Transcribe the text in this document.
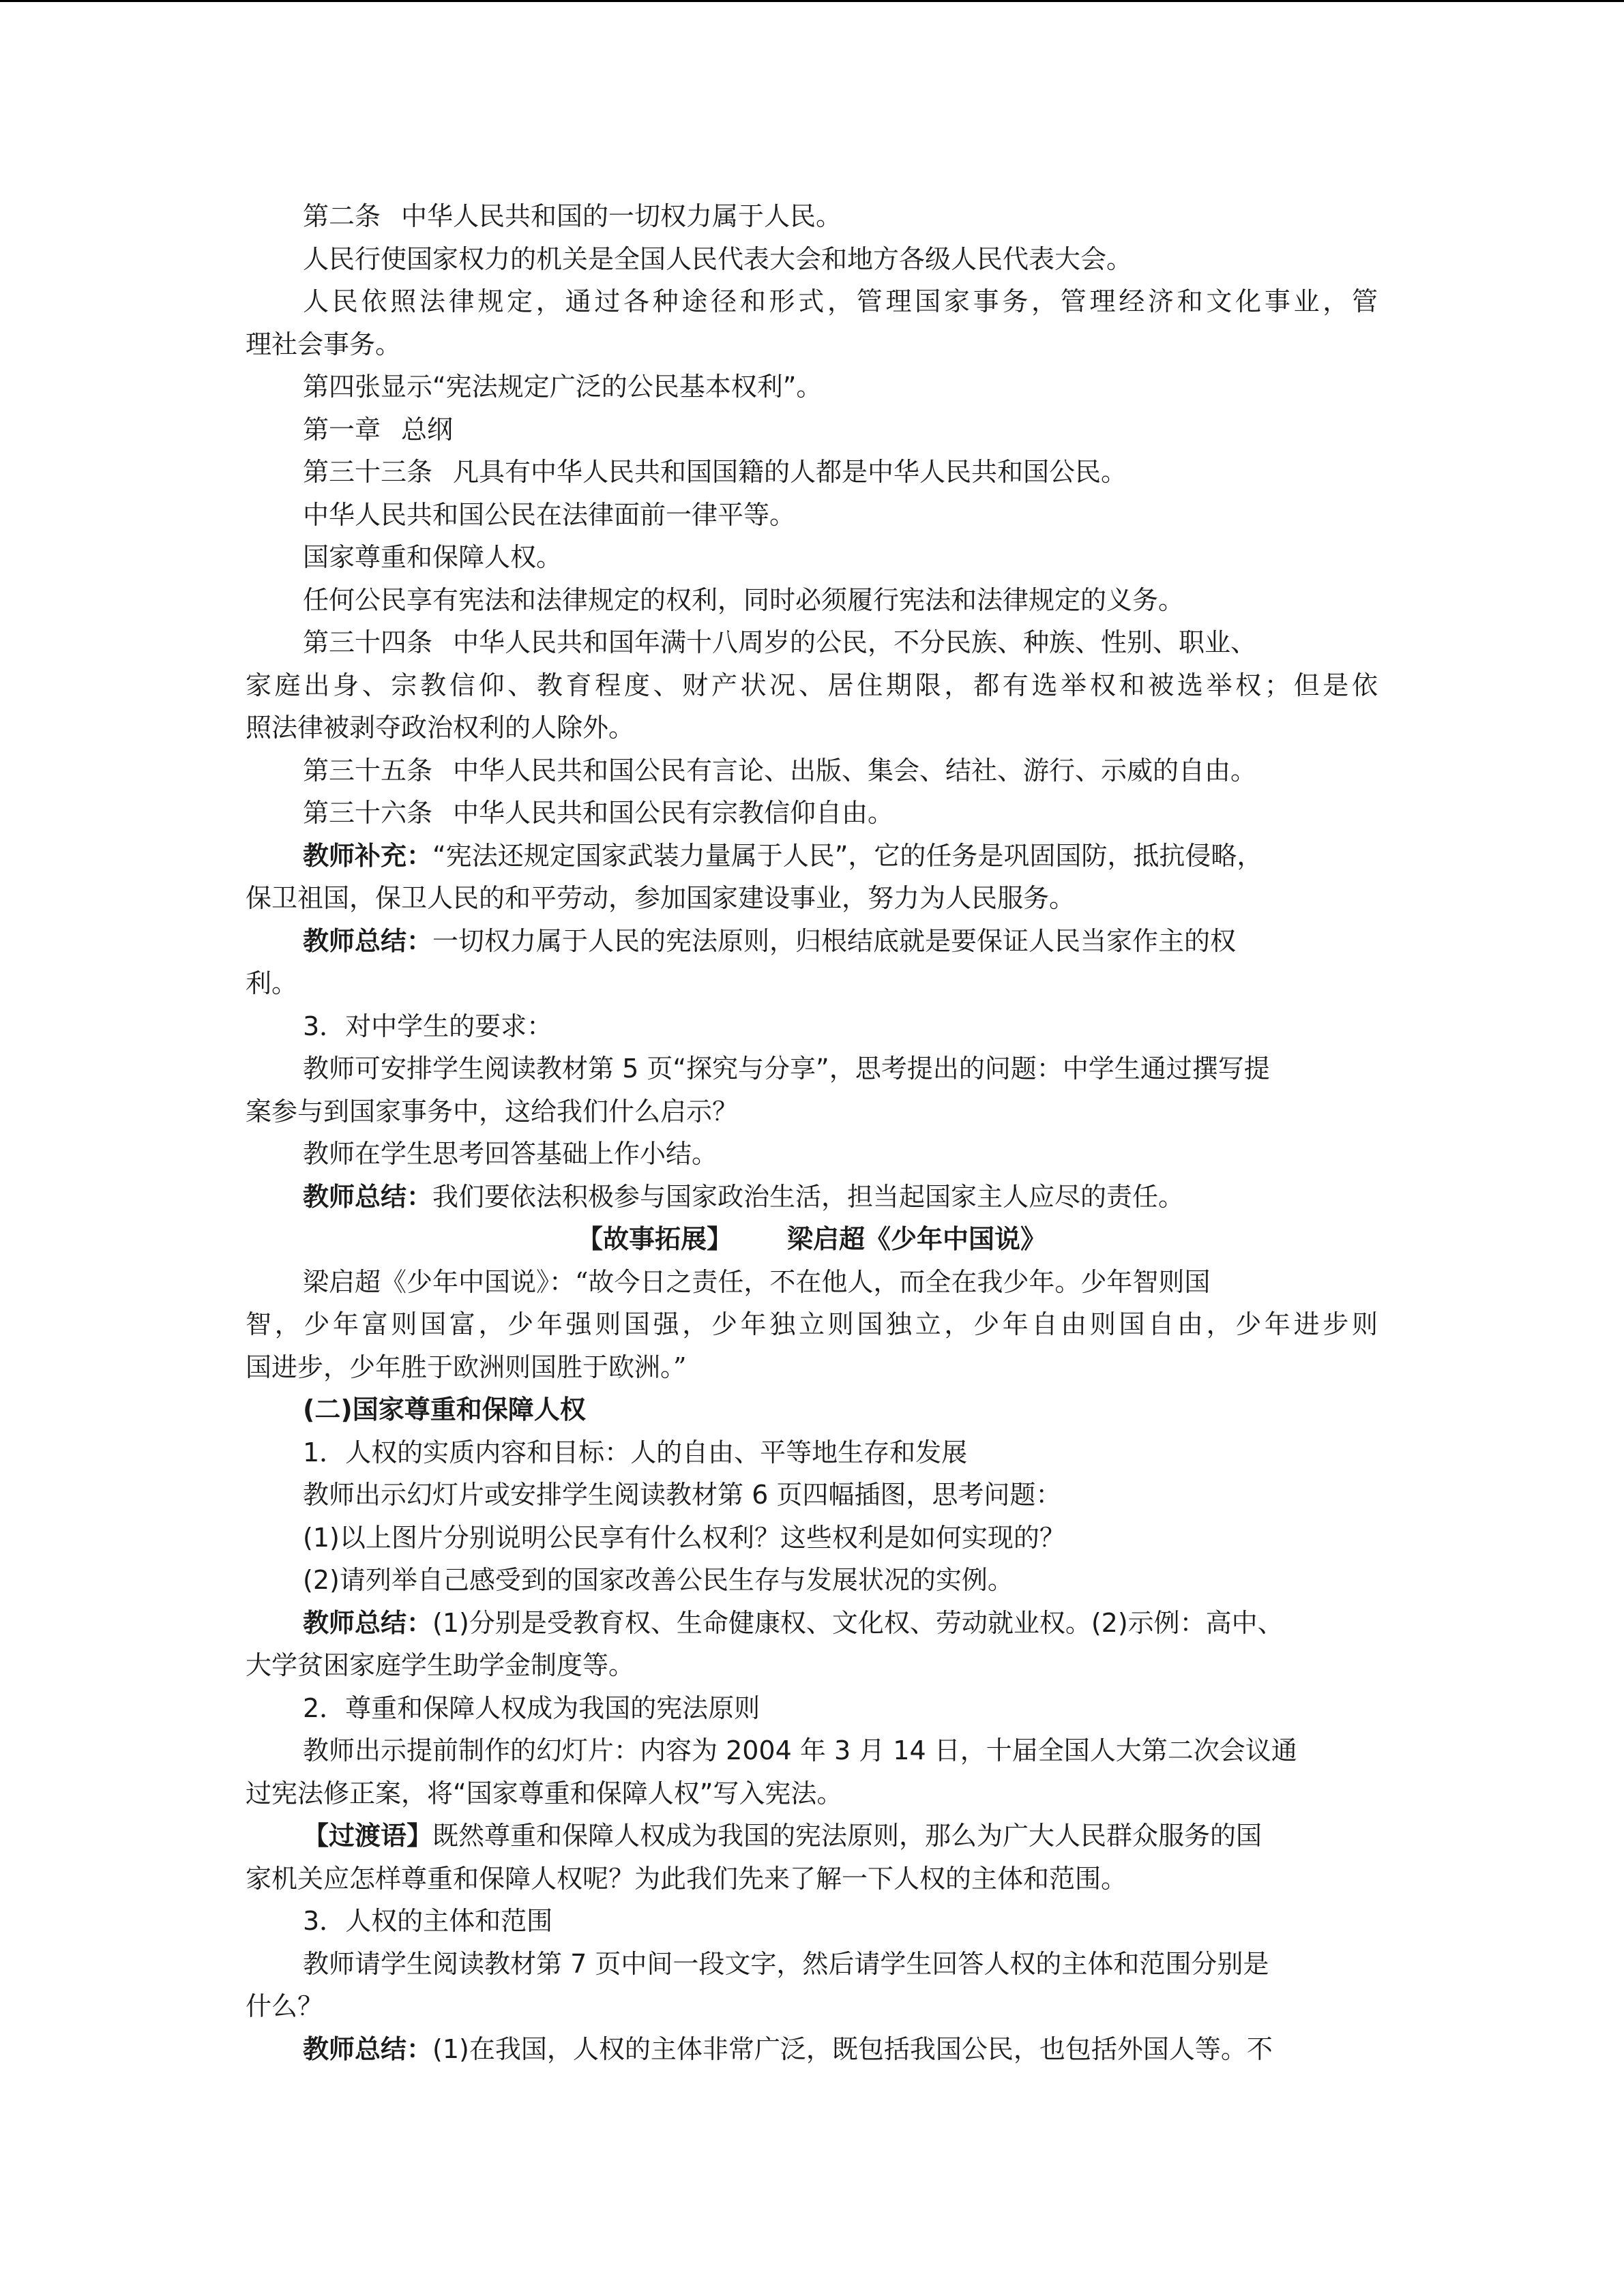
第二条 中华人民共和国的一切权力属于人民。
人民行使国家权力的机关是全国人民代表大会和地方各级人民代表大会。
人民依照法律规定，通过各种途径和形式，管理国家事务，管理经济和文化事业，管
理社会事务。
第四张显示“宪法规定广泛的公民基本权利”。
第一章 总纲
第三十三条 凡具有中华人民共和国国籍的人都是中华人民共和国公民。
中华人民共和国公民在法律面前一律平等。
国家尊重和保障人权。
任何公民享有宪法和法律规定的权利，同时必须履行宪法和法律规定的义务。
第三十四条 中华人民共和国年满十八周岁的公民，不分民族、种族、性别、职业、
家庭出身、宗教信仰、教育程度、财产状况、居住期限，都有选举权和被选举权；但是依
照法律被剥夺政治权利的人除外。
第三十五条 中华人民共和国公民有言论、出版、集会、结社、游行、示威的自由。
第三十六条 中华人民共和国公民有宗教信仰自由。
教师补充：“宪法还规定国家武装力量属于人民”，它的任务是巩固国防，抵抗侵略，
保卫祖国，保卫人民的和平劳动，参加国家建设事业，努力为人民服务。
教师总结：一切权力属于人民的宪法原则，归根结底就是要保证人民当家作主的权
利。
3．对中学生的要求：
教师可安排学生阅读教材第 5 页“探究与分享”，思考提出的问题：中学生通过撰写提
案参与到国家事务中，这给我们什么启示？
教师在学生思考回答基础上作小结。
教师总结：我们要依法积极参与国家政治生活，担当起国家主人应尽的责任。
【故事拓展】 梁启超《少年中国说》
梁启超《少年中国说》：“故今日之责任，不在他人，而全在我少年。少年智则国
智，少年富则国富，少年强则国强，少年独立则国独立，少年自由则国自由，少年进步则
国进步，少年胜于欧洲则国胜于欧洲。”
(二)国家尊重和保障人权
1．人权的实质内容和目标：人的自由、平等地生存和发展
教师出示幻灯片或安排学生阅读教材第 6 页四幅插图，思考问题：
(1)以上图片分别说明公民享有什么权利？这些权利是如何实现的？
(2)请列举自己感受到的国家改善公民生存与发展状况的实例。
教师总结：(1)分别是受教育权、生命健康权、文化权、劳动就业权。(2)示例：高中、
大学贫困家庭学生助学金制度等。
2．尊重和保障人权成为我国的宪法原则
教师出示提前制作的幻灯片：内容为 2004 年 3 月 14 日，十届全国人大第二次会议通
过宪法修正案，将“国家尊重和保障人权”写入宪法。
【过渡语】既然尊重和保障人权成为我国的宪法原则，那么为广大人民群众服务的国
家机关应怎样尊重和保障人权呢？为此我们先来了解一下人权的主体和范围。
3．人权的主体和范围
教师请学生阅读教材第 7 页中间一段文字，然后请学生回答人权的主体和范围分别是
什么？
教师总结：(1)在我国，人权的主体非常广泛，既包括我国公民，也包括外国人等。不
